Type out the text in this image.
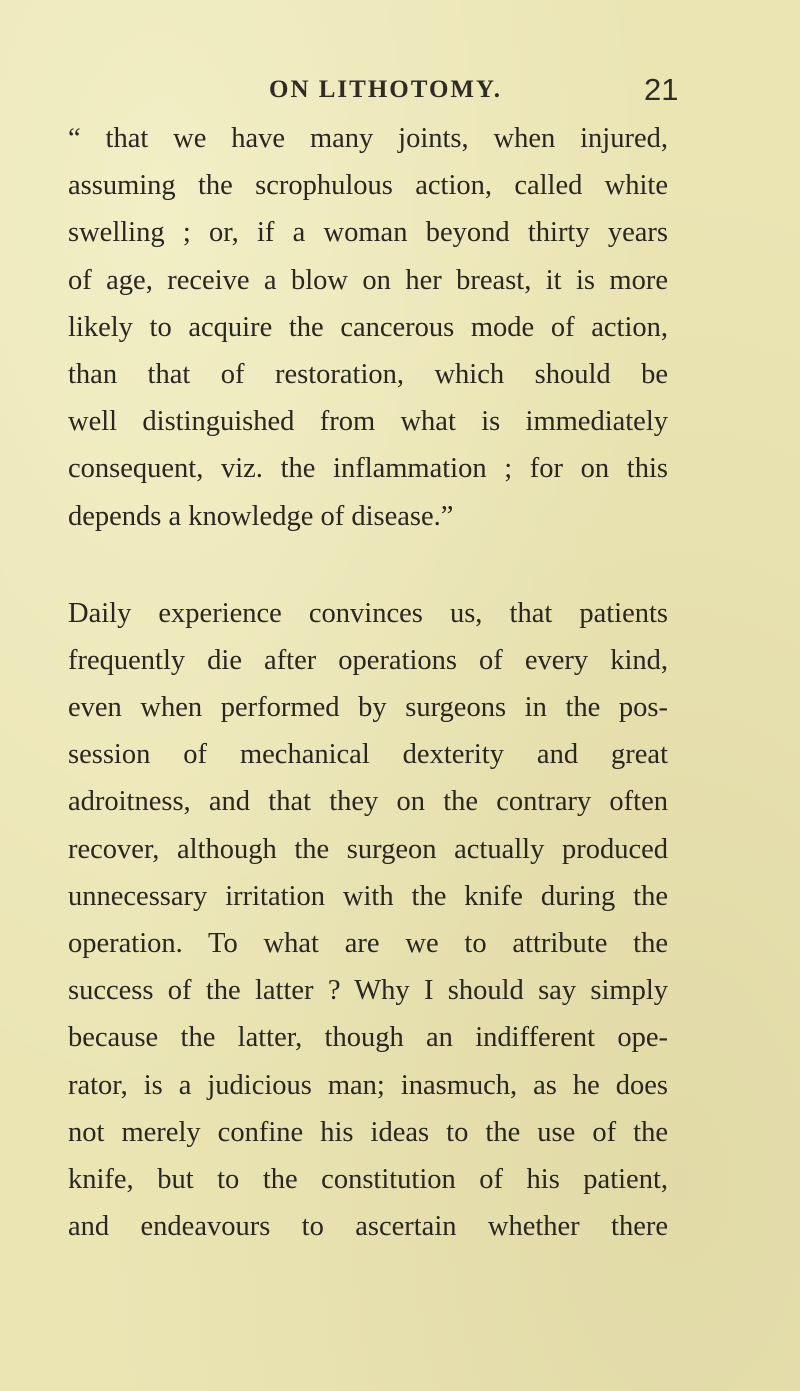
ON LITHOTOMY.	21

“ that we have many joints, when injured,
assuming the scrophulous action, called white
swelling ; or, if a woman beyond thirty years
of age, receive a blow on her breast, it is more
likely to acquire the cancerous mode of action,
than that of restoration, which should be
well distinguished from what is immediately
consequent, viz. the inflammation ; for on this
depends a knowledge of disease.”

Daily experience convinces us, that patients
frequently die after operations of every kind,
even when performed by surgeons in the pos-
session of mechanical dexterity and great
adroitness, and that they on the contrary often
recover, although the surgeon actually produced
unnecessary irritation with the knife during the
operation. To what are we to attribute the
success of the latter ? Why I should say simply
because the latter, though an indifferent ope-
rator, is a judicious man; inasmuch, as he does
not merely confine his ideas to the use of the
knife, but to the constitution of his patient,
and endeavours to ascertain whether there
